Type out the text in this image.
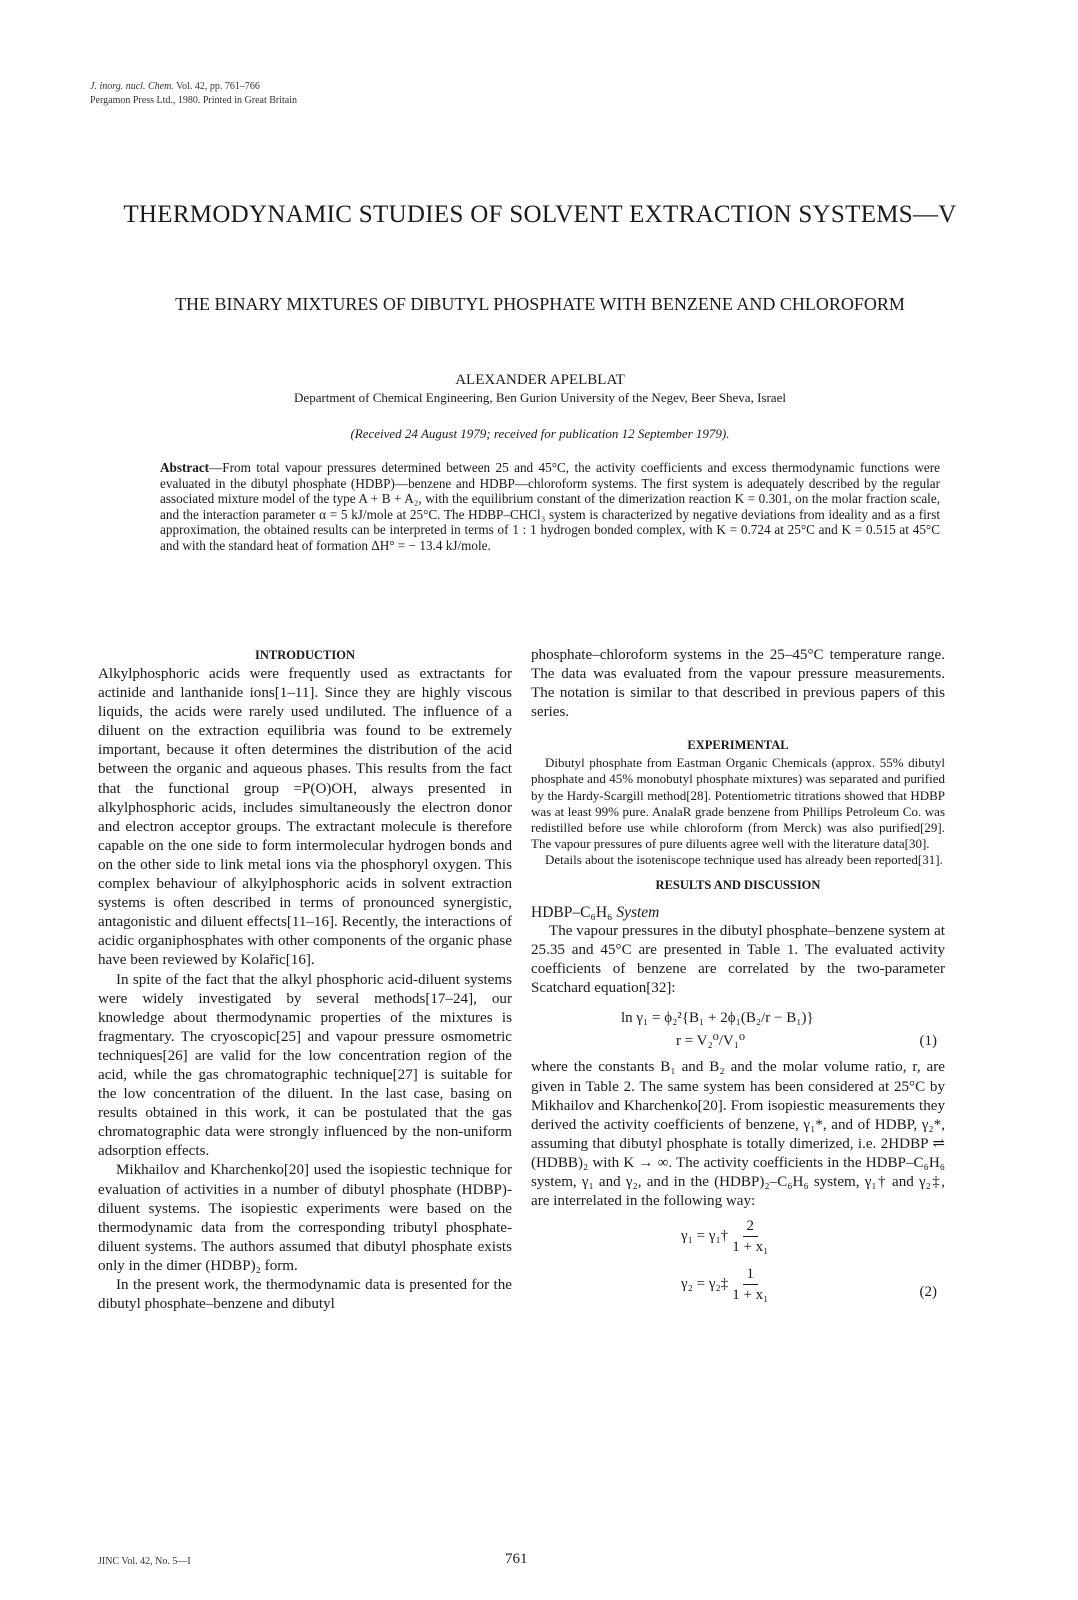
J. inorg. nucl. Chem. Vol. 42, pp. 761–766
Pergamon Press Ltd., 1980. Printed in Great Britain
THERMODYNAMIC STUDIES OF SOLVENT EXTRACTION SYSTEMS—V
THE BINARY MIXTURES OF DIBUTYL PHOSPHATE WITH BENZENE AND CHLOROFORM
ALEXANDER APELBLAT
Department of Chemical Engineering, Ben Gurion University of the Negev, Beer Sheva, Israel
(Received 24 August 1979; received for publication 12 September 1979).
Abstract—From total vapour pressures determined between 25 and 45°C, the activity coefficients and excess thermodynamic functions were evaluated in the dibutyl phosphate (HDBP)—benzene and HDBP—chloroform systems. The first system is adequately described by the regular associated mixture model of the type A + B + A₂, with the equilibrium constant of the dimerization reaction K = 0.301, on the molar fraction scale, and the interaction parameter α = 5 kJ/mole at 25°C. The HDBP–CHCl₃ system is characterized by negative deviations from ideality and as a first approximation, the obtained results can be interpreted in terms of 1 : 1 hydrogen bonded complex, with K = 0.724 at 25°C and K = 0.515 at 45°C and with the standard heat of formation ΔH° = − 13.4 kJ/mole.
INTRODUCTION

Alkylphosphoric acids were frequently used as extractants for actinide and lanthanide ions[1–11]. Since they are highly viscous liquids, the acids were rarely used undiluted. The influence of a diluent on the extraction equilibria was found to be extremely important, because it often determines the distribution of the acid between the organic and aqueous phases. This results from the fact that the functional group =P(O)OH, always presented in alkylphosphoric acids, includes simultaneously the electron donor and electron acceptor groups. The extractant molecule is therefore capable on the one side to form intermolecular hydrogen bonds and on the other side to link metal ions via the phosphoryl oxygen. This complex behaviour of alkylphosphoric acids in solvent extraction systems is often described in terms of pronounced synergistic, antagonistic and diluent effects[11–16]. Recently, the interactions of acidic organiphosphates with other components of the organic phase have been reviewed by Kolařic[16].

In spite of the fact that the alkyl phosphoric acid-diluent systems were widely investigated by several methods[17–24], our knowledge about thermodynamic properties of the mixtures is fragmentary. The cryoscopic[25] and vapour pressure osmometric techniques[26] are valid for the low concentration region of the acid, while the gas chromatographic technique[27] is suitable for the low concentration of the diluent. In the last case, basing on results obtained in this work, it can be postulated that the gas chromatographic data were strongly influenced by the non-uniform adsorption effects.

Mikhailov and Kharchenko[20] used the isopiestic technique for evaluation of activities in a number of dibutyl phosphate (HDBP)-diluent systems. The isopiestic experiments were based on the thermodynamic data from the corresponding tributyl phosphate-diluent systems. The authors assumed that dibutyl phosphate exists only in the dimer (HDBP)₂ form.

In the present work, the thermodynamic data is presented for the dibutyl phosphate–benzene and dibutyl

phosphate–chloroform systems in the 25–45°C temperature range. The data was evaluated from the vapour pressure measurements. The notation is similar to that described in previous papers of this series.

EXPERIMENTAL

Dibutyl phosphate from Eastman Organic Chemicals (approx. 55% dibutyl phosphate and 45% monobutyl phosphate mixtures) was separated and purified by the Hardy-Scargill method[28]. Potentiometric titrations showed that HDBP was at least 99% pure. AnalaR grade benzene from Phillips Petroleum Co. was redistilled before use while chloroform (from Merck) was also purified[29]. The vapour pressures of pure diluents agree well with the literature data[30].

Details about the isoteniscope technique used has already been reported[31].

RESULTS AND DISCUSSION
HDBP–C₆H₆ System

The vapour pressures in the dibutyl phosphate–benzene system at 25.35 and 45°C are presented in Table 1. The evaluated activity coefficients of benzene are correlated by the two-parameter Scatchard equation[32]:

ln γ₁ = ϕ₂²{B₁ + 2ϕ₁(B₂/r − B₁)}
r = V₂⁰/V₁⁰	(1)

where the constants B₁ and B₂ and the molar volume ratio, r, are given in Table 2. The same system has been considered at 25°C by Mikhailov and Kharchenko[20]. From isopiestic measurements they derived the activity coefficients of benzene, γ₁*, and of HDBP, γ₂*, assuming that dibutyl phosphate is totally dimerized, i.e. 2HDBP ⇌ (HDBB)₂ with K → ∞. The activity coefficients in the HDBP–C₆H₆ system, γ₁ and γ₂, and in the (HDBP)₂–C₆H₆ system, γ₁† and γ₂‡, are interrelated in the following way:

γ₁ = γ₁† $\frac{2}{\text{1 + x₁}}$
γ₂ = γ₂‡ $\frac{1}{\text{1 + x₁}}$	(2)
JINC Vol. 42, No. 5—I	761
